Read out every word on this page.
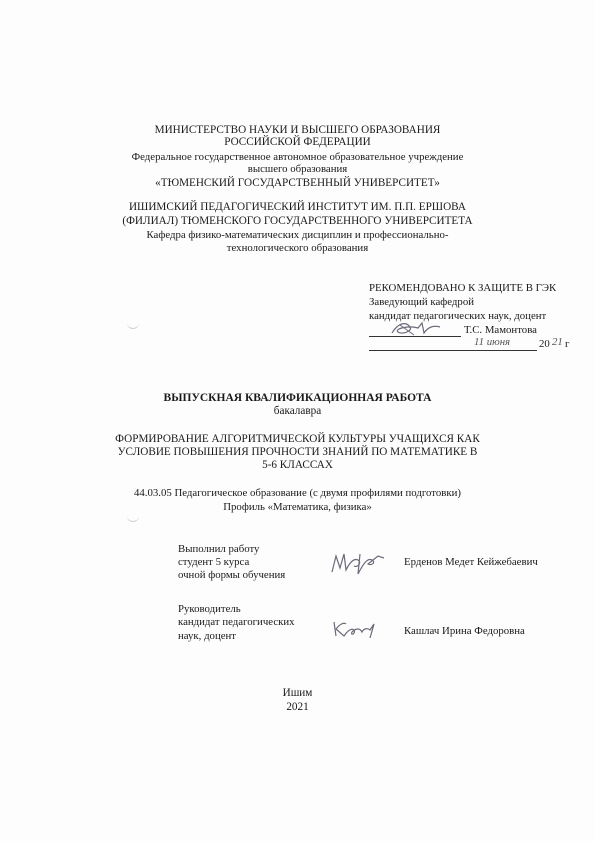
МИНИСТЕРСТВО НАУКИ И ВЫСШЕГО ОБРАЗОВАНИЯ
РОССИЙСКОЙ ФЕДЕРАЦИИ
Федеральное государственное автономное образовательное учреждение
высшего образования
«ТЮМЕНСКИЙ ГОСУДАРСТВЕННЫЙ УНИВЕРСИТЕТ»
ИШИМСКИЙ ПЕДАГОГИЧЕСКИЙ ИНСТИТУТ ИМ. П.П. ЕРШОВА
(ФИЛИАЛ) ТЮМЕНСКОГО ГОСУДАРСТВЕННОГО УНИВЕРСИТЕТА
Кафедра физико-математических дисциплин и профессионально-
технологического образования
РЕКОМЕНДОВАНО К ЗАЩИТЕ В ГЭК
Заведующий кафедрой
кандидат педагогических наук, доцент
Т.С. Мамонтова
11 июня	20 21 г
ВЫПУСКНАЯ КВАЛИФИКАЦИОННАЯ РАБОТА
бакалавра
ФОРМИРОВАНИЕ АЛГОРИТМИЧЕСКОЙ КУЛЬТУРЫ УЧАЩИХСЯ КАК
УСЛОВИЕ ПОВЫШЕНИЯ ПРОЧНОСТИ ЗНАНИЙ ПО МАТЕМАТИКЕ В
5-6 КЛАССАХ
44.03.05 Педагогическое образование (с двумя профилями подготовки)
Профиль «Математика, физика»
Выполнил работу
студент 5 курса
очной формы обучения
Ерденов Медет Кейжебаевич
Руководитель
кандидат педагогических
наук, доцент	Кашлач Ирина Федоровна
Ишим
2021
